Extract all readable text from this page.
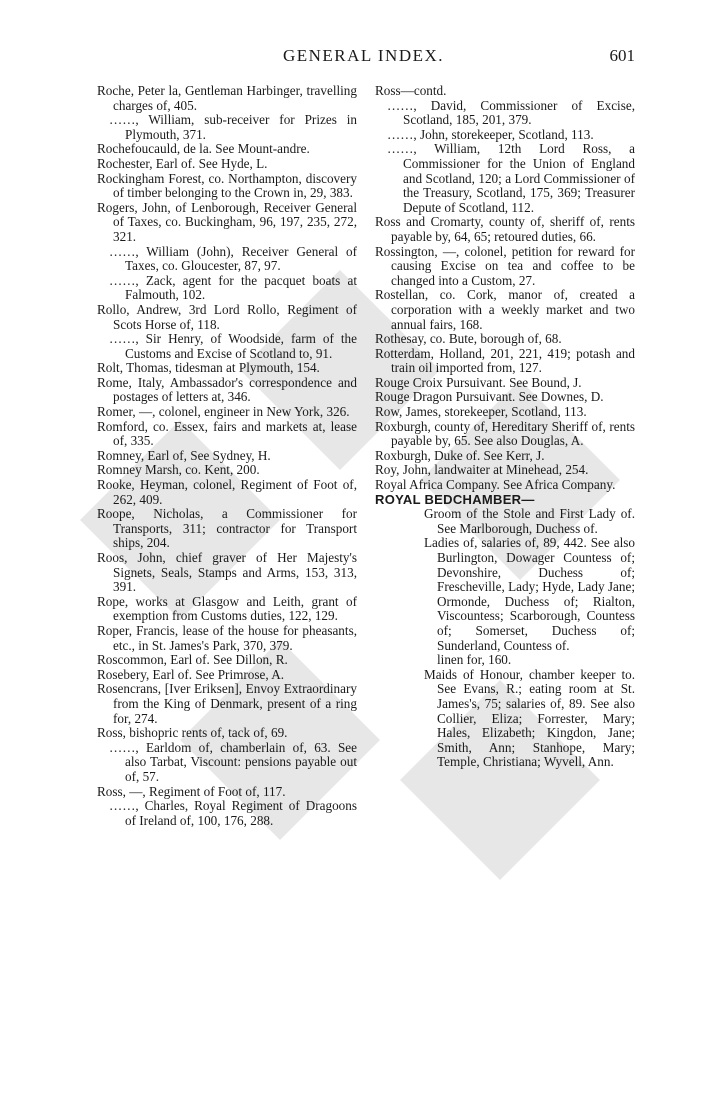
GENERAL INDEX.	601
Roche, Peter la, Gentleman Harbinger, travelling charges of, 405.
……, William, sub-receiver for Prizes in Plymouth, 371.
Rochefoucauld, de la. See Mount-andre.
Rochester, Earl of. See Hyde, L.
Rockingham Forest, co. Northampton, discovery of timber belonging to the Crown in, 29, 383.
Rogers, John, of Lenborough, Receiver General of Taxes, co. Buckingham, 96, 197, 235, 272, 321.
……, William (John), Receiver General of Taxes, co. Gloucester, 87, 97.
……, Zack, agent for the pacquet boats at Falmouth, 102.
Rollo, Andrew, 3rd Lord Rollo, Regiment of Scots Horse of, 118.
……, Sir Henry, of Woodside, farm of the Customs and Excise of Scotland to, 91.
Rolt, Thomas, tidesman at Plymouth, 154.
Rome, Italy, Ambassador's correspondence and postages of letters at, 346.
Romer, —, colonel, engineer in New York, 326.
Romford, co. Essex, fairs and markets at, lease of, 335.
Romney, Earl of, See Sydney, H.
Romney Marsh, co. Kent, 200.
Rooke, Heyman, colonel, Regiment of Foot of, 262, 409.
Roope, Nicholas, a Commissioner for Transports, 311; contractor for Transport ships, 204.
Roos, John, chief graver of Her Majesty's Signets, Seals, Stamps and Arms, 153, 313, 391.
Rope, works at Glasgow and Leith, grant of exemption from Customs duties, 122, 129.
Roper, Francis, lease of the house for pheasants, etc., in St. James's Park, 370, 379.
Roscommon, Earl of. See Dillon, R.
Rosebery, Earl of. See Primrose, A.
Rosencrans, [Iver Eriksen], Envoy Extraordinary from the King of Denmark, present of a ring for, 274.
Ross, bishopric rents of, tack of, 69.
……, Earldom of, chamberlain of, 63. See also Tarbat, Viscount: pensions payable out of, 57.
Ross, —, Regiment of Foot of, 117.
……, Charles, Royal Regiment of Dragoons of Ireland of, 100, 176, 288.
Ross—contd.
……, David, Commissioner of Excise, Scotland, 185, 201, 379.
……, John, storekeeper, Scotland, 113.
……, William, 12th Lord Ross, a Commissioner for the Union of England and Scotland, 120; a Lord Commissioner of the Treasury, Scotland, 175, 369; Treasurer Depute of Scotland, 112.
Ross and Cromarty, county of, sheriff of, rents payable by, 64, 65; retoured duties, 66.
Rossington, —, colonel, petition for reward for causing Excise on tea and coffee to be changed into a Custom, 27.
Rostellan, co. Cork, manor of, created a corporation with a weekly market and two annual fairs, 168.
Rothesay, co. Bute, borough of, 68.
Rotterdam, Holland, 201, 221, 419; potash and train oil imported from, 127.
Rouge Croix Pursuivant. See Bound, J.
Rouge Dragon Pursuivant. See Downes, D.
Row, James, storekeeper, Scotland, 113.
Roxburgh, county of, Hereditary Sheriff of, rents payable by, 65. See also Douglas, A.
Roxburgh, Duke of. See Kerr, J.
Roy, John, landwaiter at Minehead, 254.
Royal Africa Company. See Africa Company.
ROYAL BEDCHAMBER—
Groom of the Stole and First Lady of. See Marlborough, Duchess of.
Ladies of, salaries of, 89, 442. See also Burlington, Dowager Countess of; Devonshire, Duchess of; Frescheville, Lady; Hyde, Lady Jane; Ormonde, Duchess of; Rialton, Viscountess; Scarborough, Countess of; Somerset, Duchess of; Sunderland, Countess of.
linen for, 160.
Maids of Honour, chamber keeper to. See Evans, R.; eating room at St. James's, 75; salaries of, 89. See also Collier, Eliza; Forrester, Mary; Hales, Elizabeth; Kingdon, Jane; Smith, Ann; Stanhope, Mary; Temple, Christiana; Wyvell, Ann.
